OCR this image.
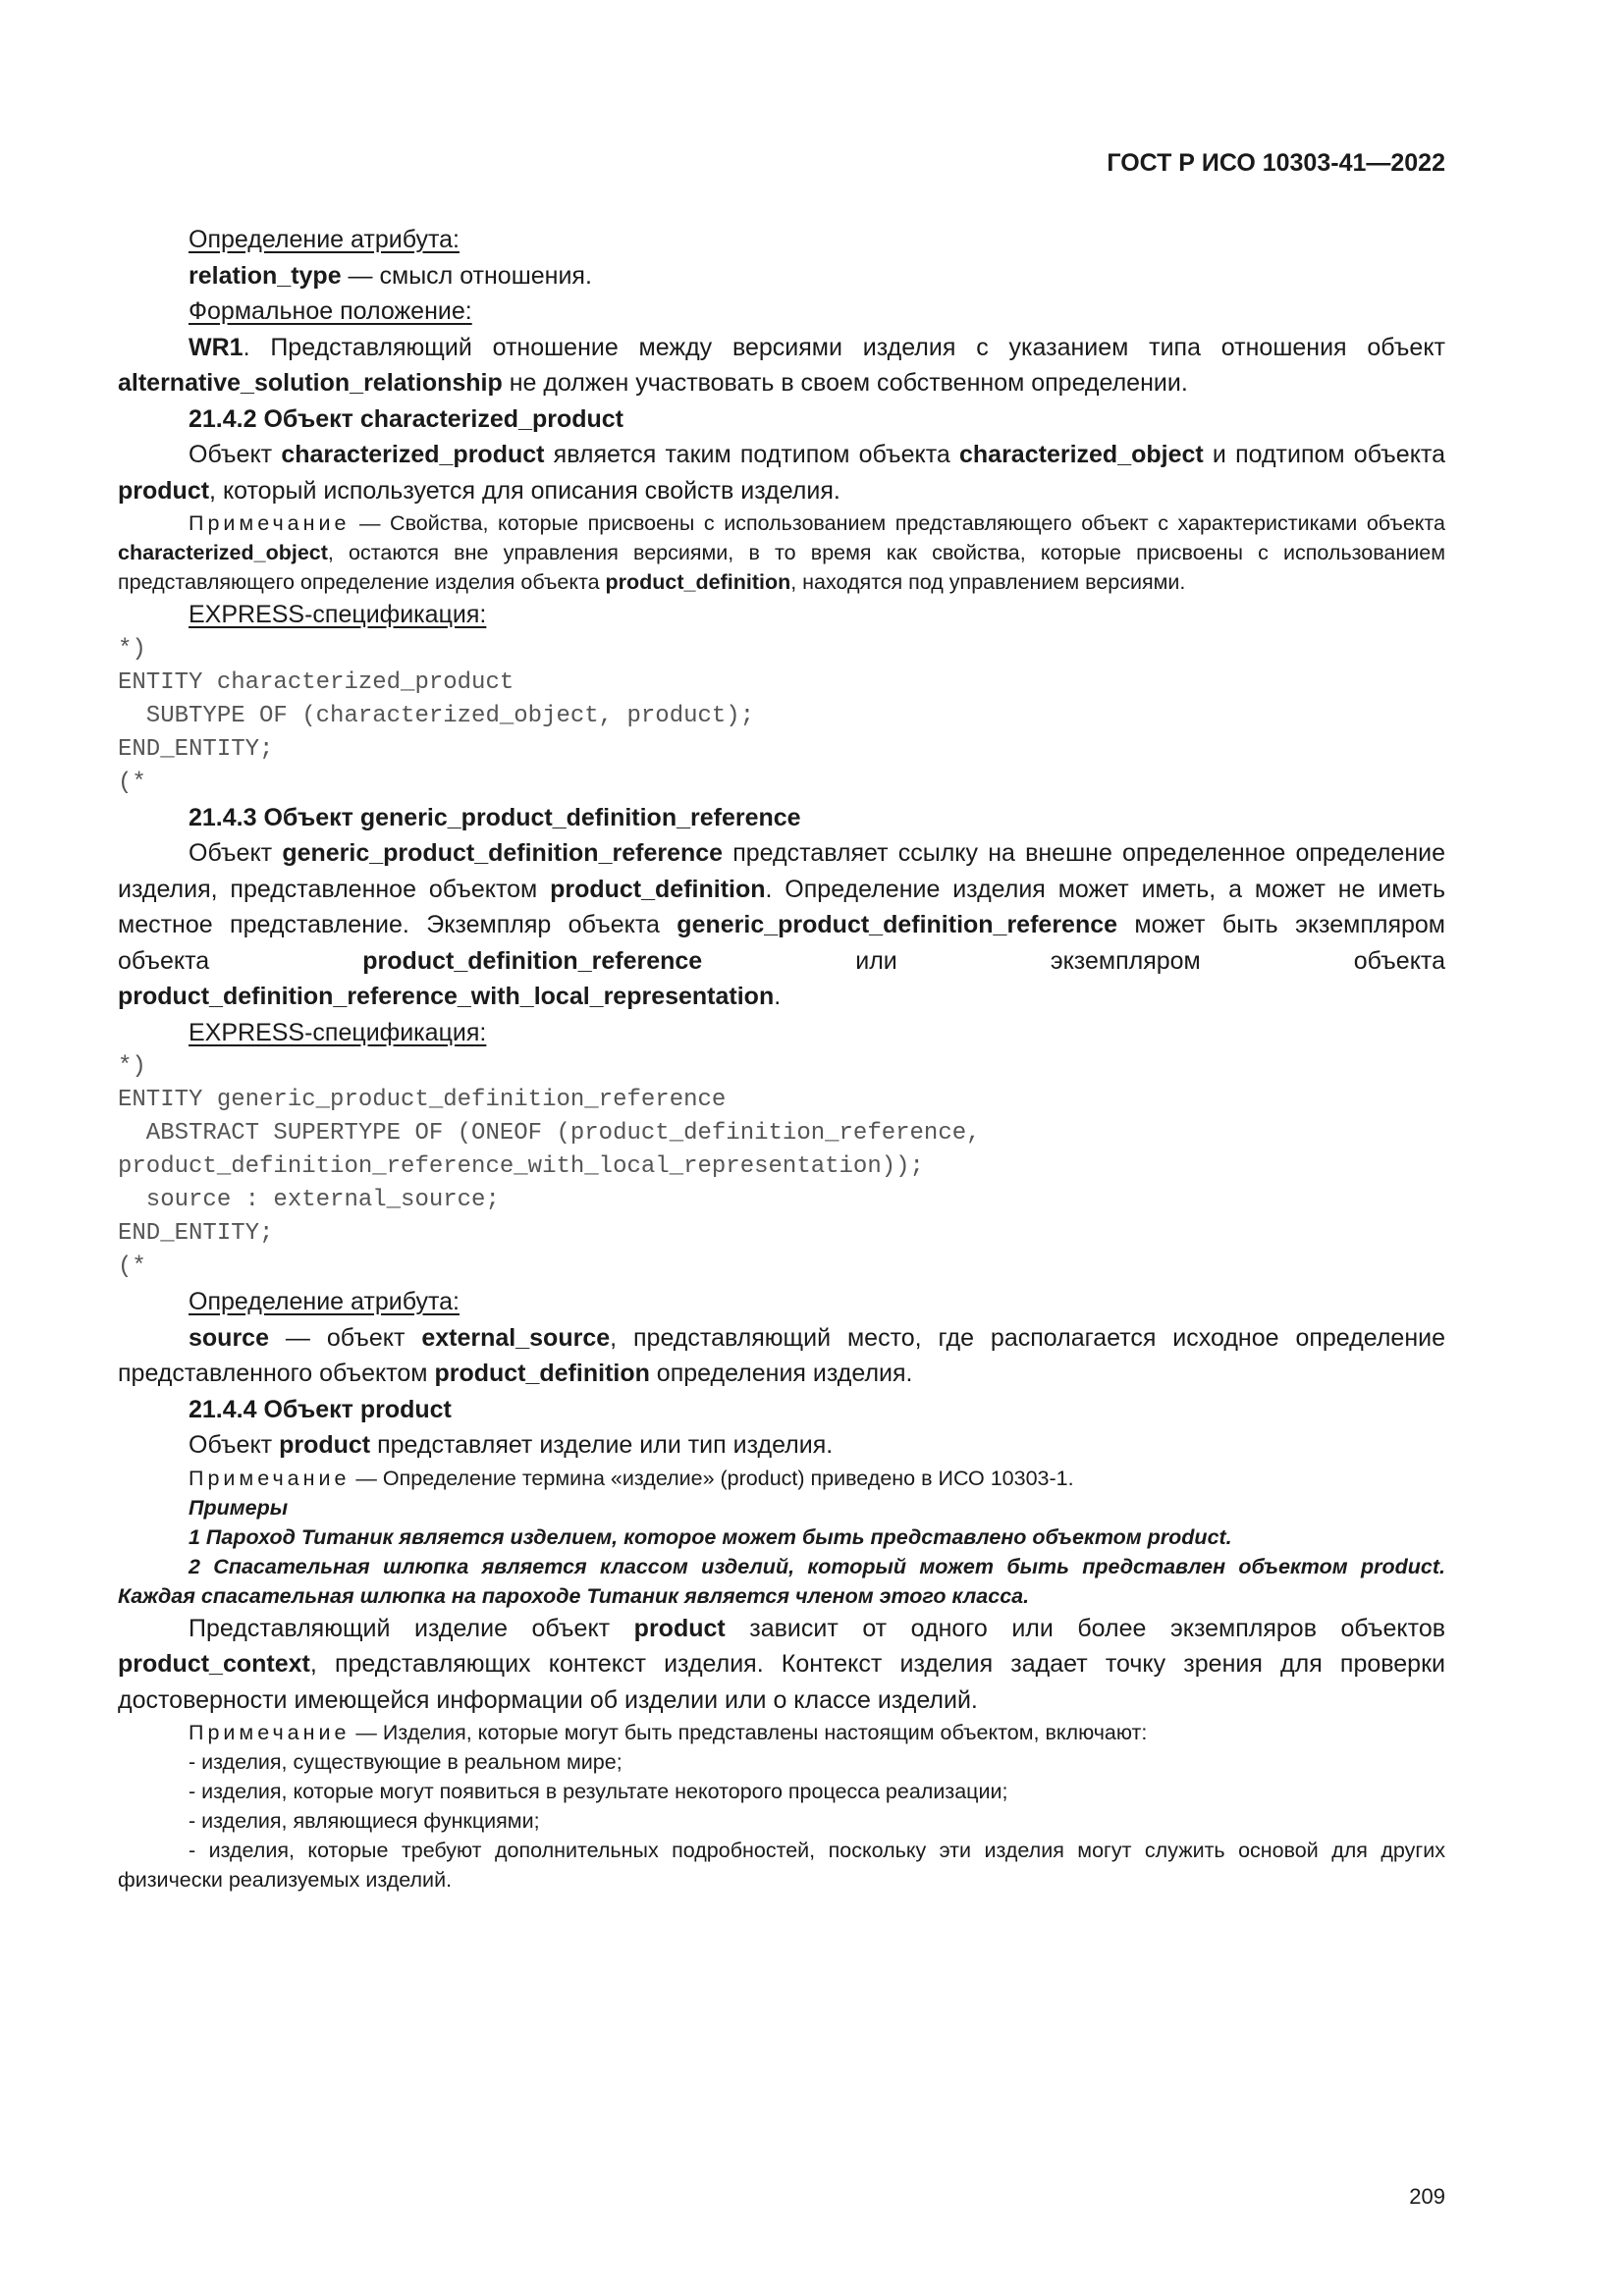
ГОСТ Р ИСО 10303-41—2022

Определение атрибута:

relation_type — смысл отношения.

Формальное положение:

WR1. Представляющий отношение между версиями изделия с указанием типа отношения объект alternative_solution_relationship не должен участвовать в своем собственном определении.

21.4.2 Объект characterized_product

Объект characterized_product является таким подтипом объекта characterized_object и подтипом объекта product, который используется для описания свойств изделия.

Примечание — Свойства, которые присвоены с использованием представляющего объект с характеристиками объекта characterized_object, остаются вне управления версиями, в то время как свойства, которые присвоены с использованием представляющего определение изделия объекта product_definition, находятся под управлением версиями.

EXPRESS-спецификация:

*)
ENTITY characterized_product
SUBTYPE OF (characterized_object, product);
END_ENTITY;
(*

21.4.3 Объект generic_product_definition_reference

Объект generic_product_definition_reference представляет ссылку на внешне определенное определение изделия, представленное объектом product_definition. Определение изделия может иметь, а может не иметь местное представление. Экземпляр объекта generic_product_definition_reference может быть экземпляром объекта product_definition_reference или экземпляром объекта product_definition_reference_with_local_representation.

EXPRESS-спецификация:

*)
ENTITY generic_product_definition_reference
ABSTRACT SUPERTYPE OF (ONEOF (product_definition_reference,
product_definition_reference_with_local_representation));
source : external_source;
END_ENTITY;
(*

Определение атрибута:

source — объект external_source, представляющий место, где располагается исходное определение представленного объектом product_definition определения изделия.

21.4.4 Объект product

Объект product представляет изделие или тип изделия.

Примечание — Определение термина «изделие» (product) приведено в ИСО 10303-1.

Примеры

1 Пароход Титаник является изделием, которое может быть представлено объектом product.

2 Спасательная шлюпка является классом изделий, который может быть представлен объектом product. Каждая спасательная шлюпка на пароходе Титаник является членом этого класса.

Представляющий изделие объект product зависит от одного или более экземпляров объектов product_context, представляющих контекст изделия. Контекст изделия задает точку зрения для проверки достоверности имеющейся информации об изделии или о классе изделий.

Примечание — Изделия, которые могут быть представлены настоящим объектом, включают:

- изделия, существующие в реальном мире;

- изделия, которые могут появиться в результате некоторого процесса реализации;

- изделия, являющиеся функциями;

- изделия, которые требуют дополнительных подробностей, поскольку эти изделия могут служить основой для других физически реализуемых изделий.

209
